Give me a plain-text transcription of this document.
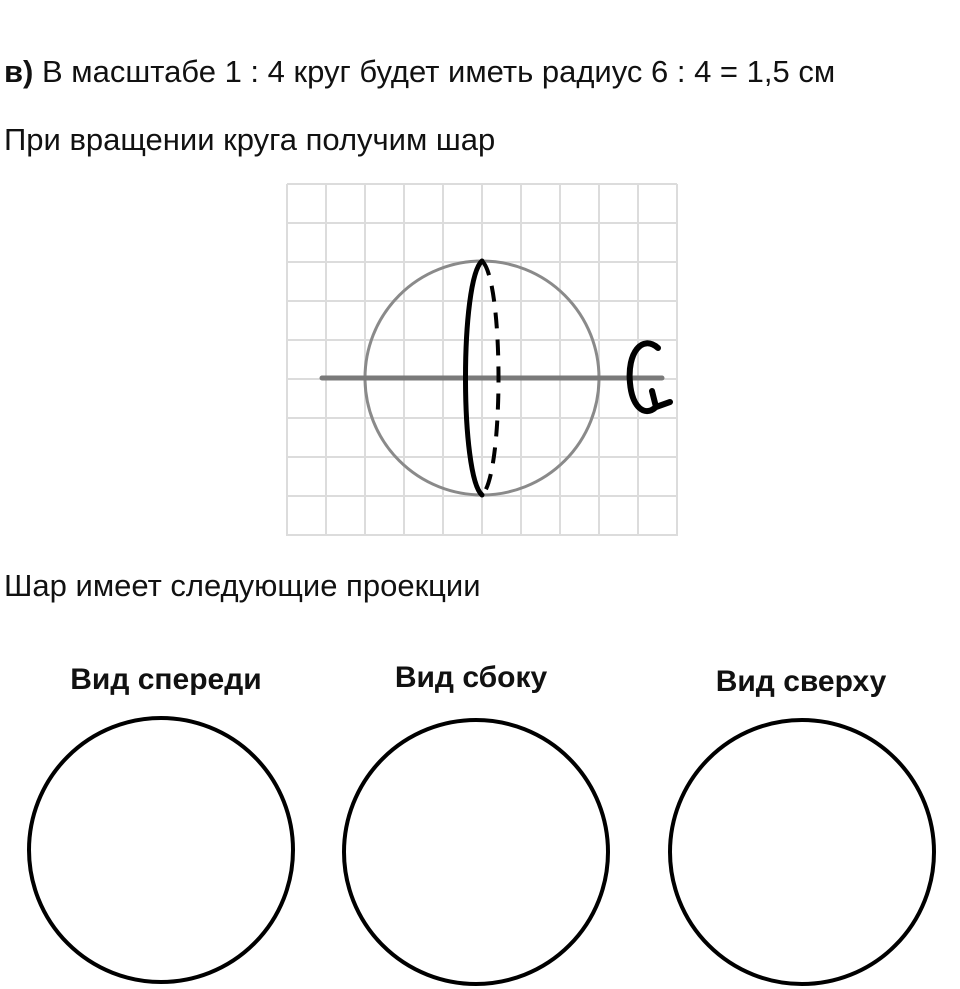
в) В масштабе 1 : 4 круг будет иметь радиус 6 : 4 = 1,5 см
При вращении круга получим шар
Шар имеет следующие проекции
Вид спереди	Вид сбоку	Вид сверху
